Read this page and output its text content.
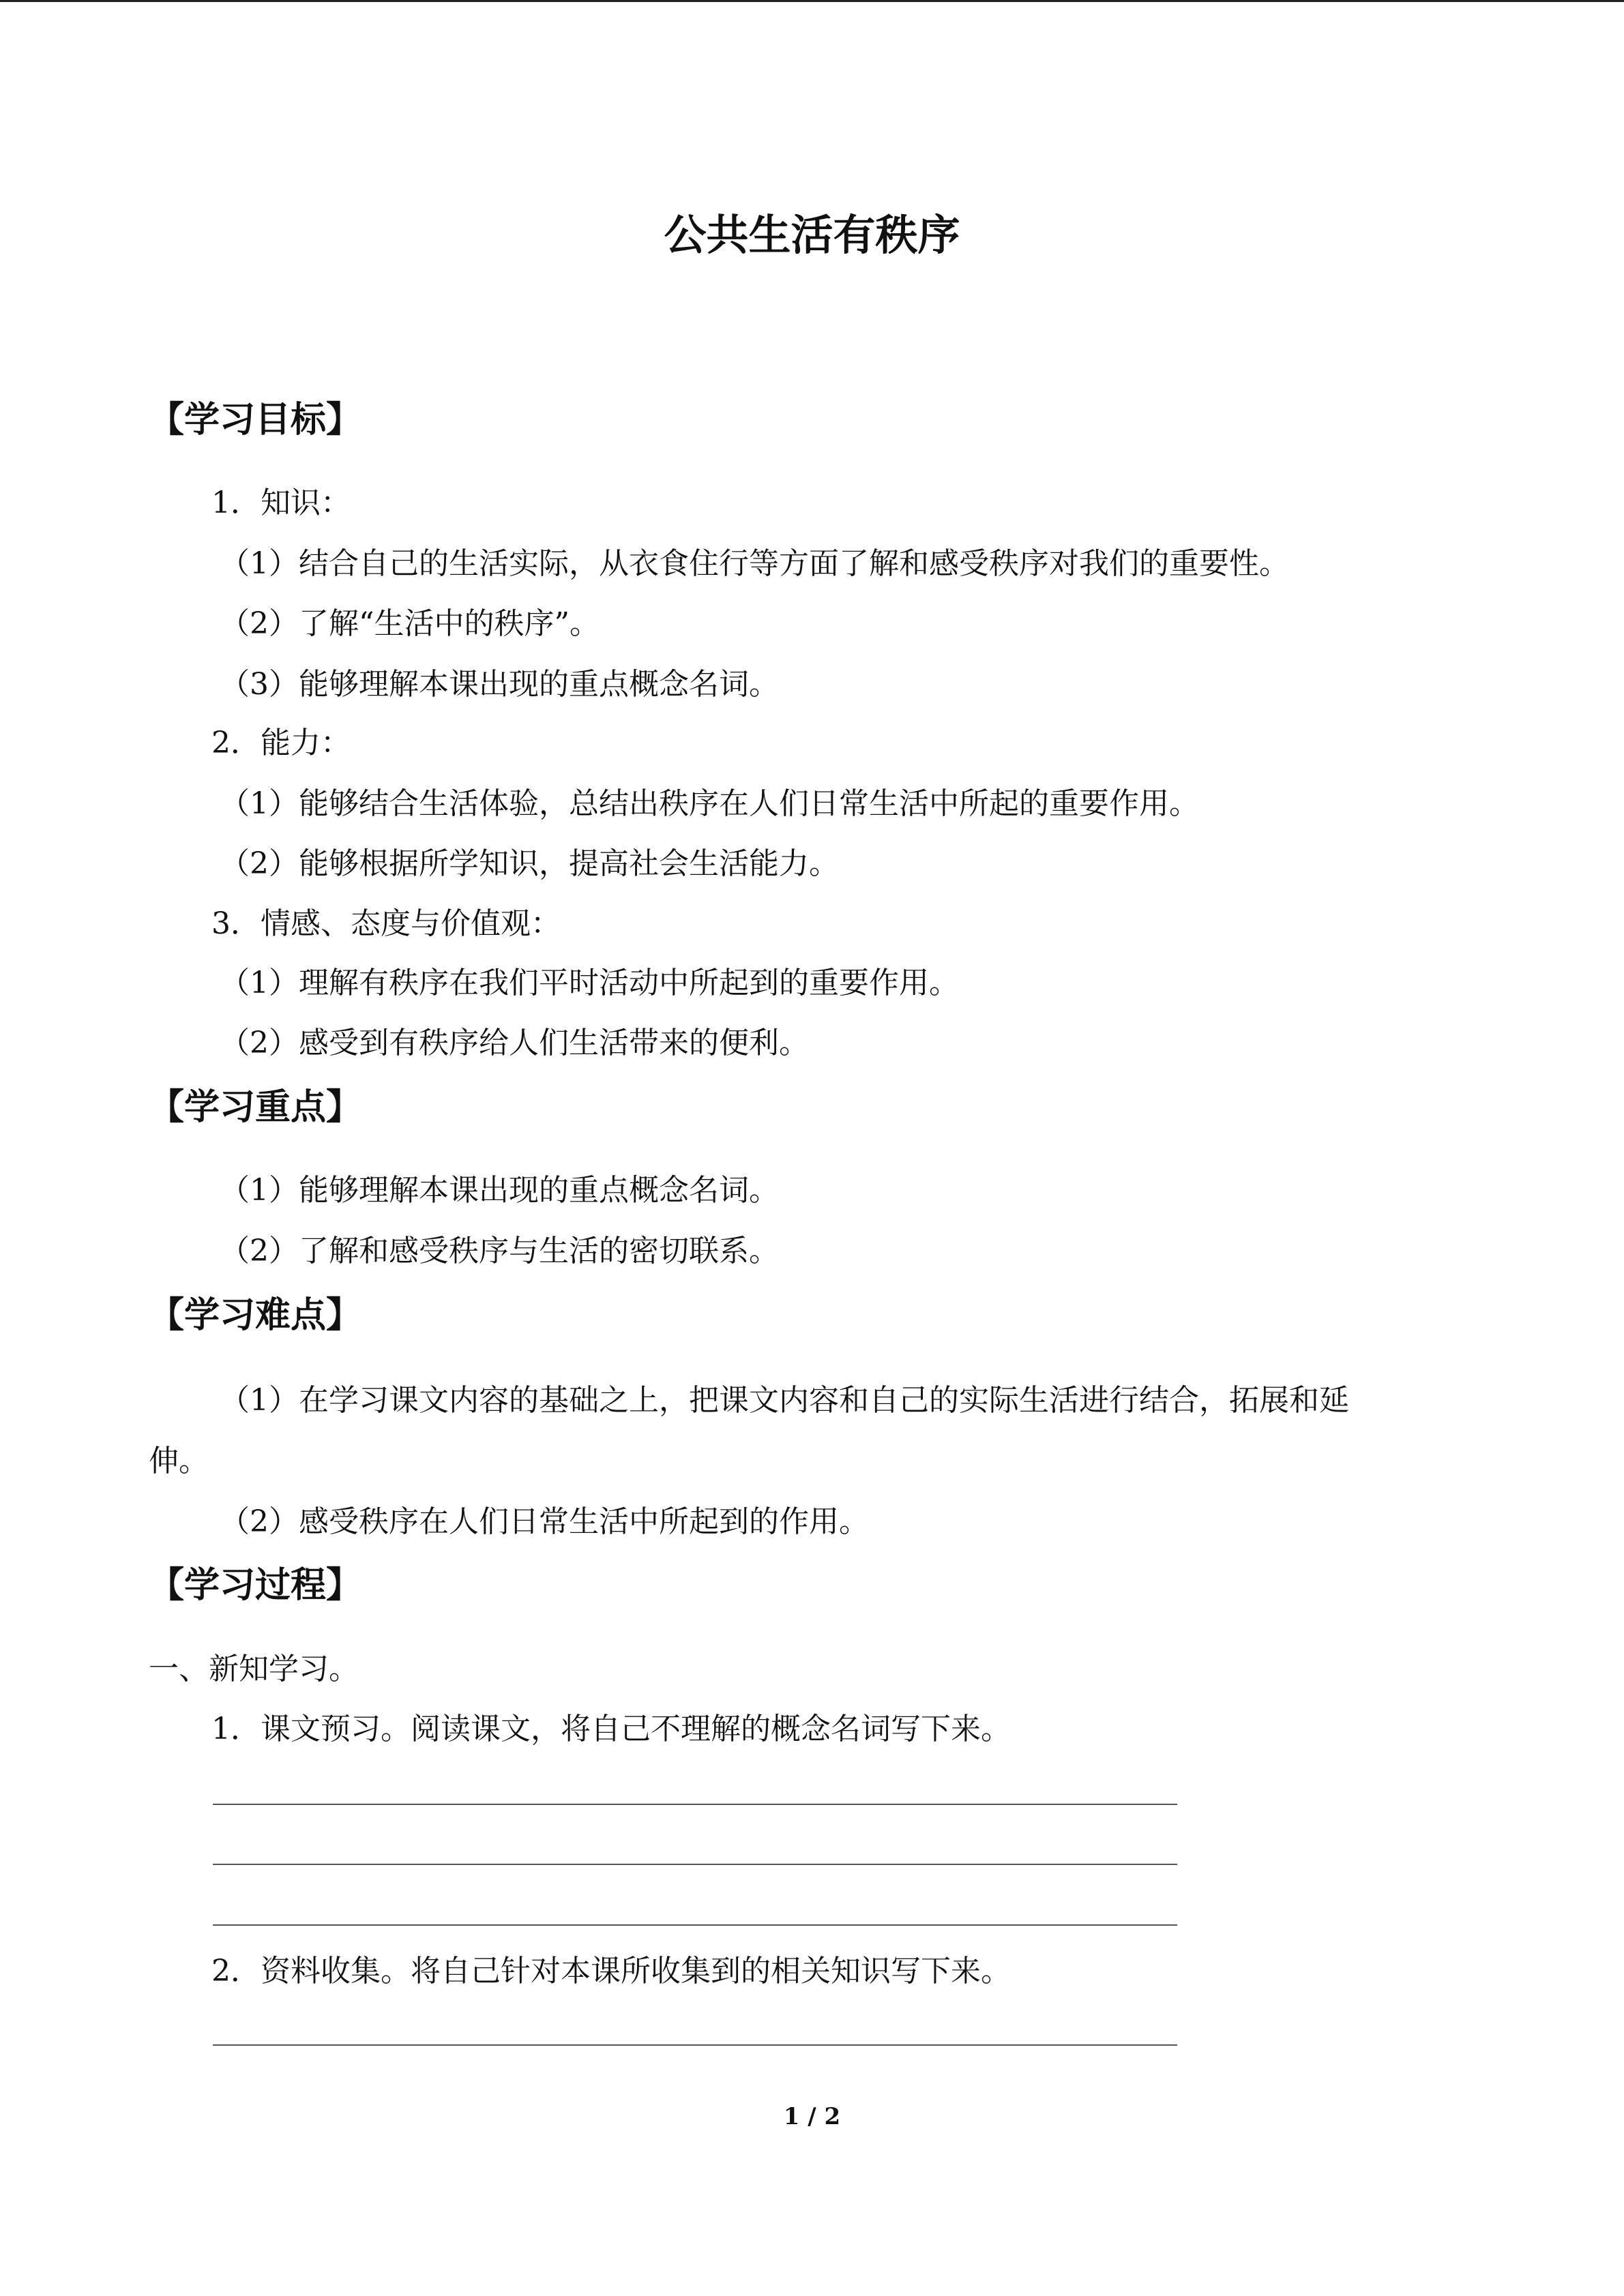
公共生活有秩序
【学习目标】
1．知识：
（1）结合自己的生活实际，从衣食住行等方面了解和感受秩序对我们的重要性。
（2）了解“生活中的秩序”。
（3）能够理解本课出现的重点概念名词。
2．能力：
（1）能够结合生活体验，总结出秩序在人们日常生活中所起的重要作用。
（2）能够根据所学知识，提高社会生活能力。
3．情感、态度与价值观：
（1）理解有秩序在我们平时活动中所起到的重要作用。
（2）感受到有秩序给人们生活带来的便利。
【学习重点】
（1）能够理解本课出现的重点概念名词。
（2）了解和感受秩序与生活的密切联系。
【学习难点】
（1）在学习课文内容的基础之上，把课文内容和自己的实际生活进行结合，拓展和延
伸。
（2）感受秩序在人们日常生活中所起到的作用。
【学习过程】
一、新知学习。
1．课文预习。阅读课文，将自己不理解的概念名词写下来。
2．资料收集。将自己针对本课所收集到的相关知识写下来。
1 / 2
